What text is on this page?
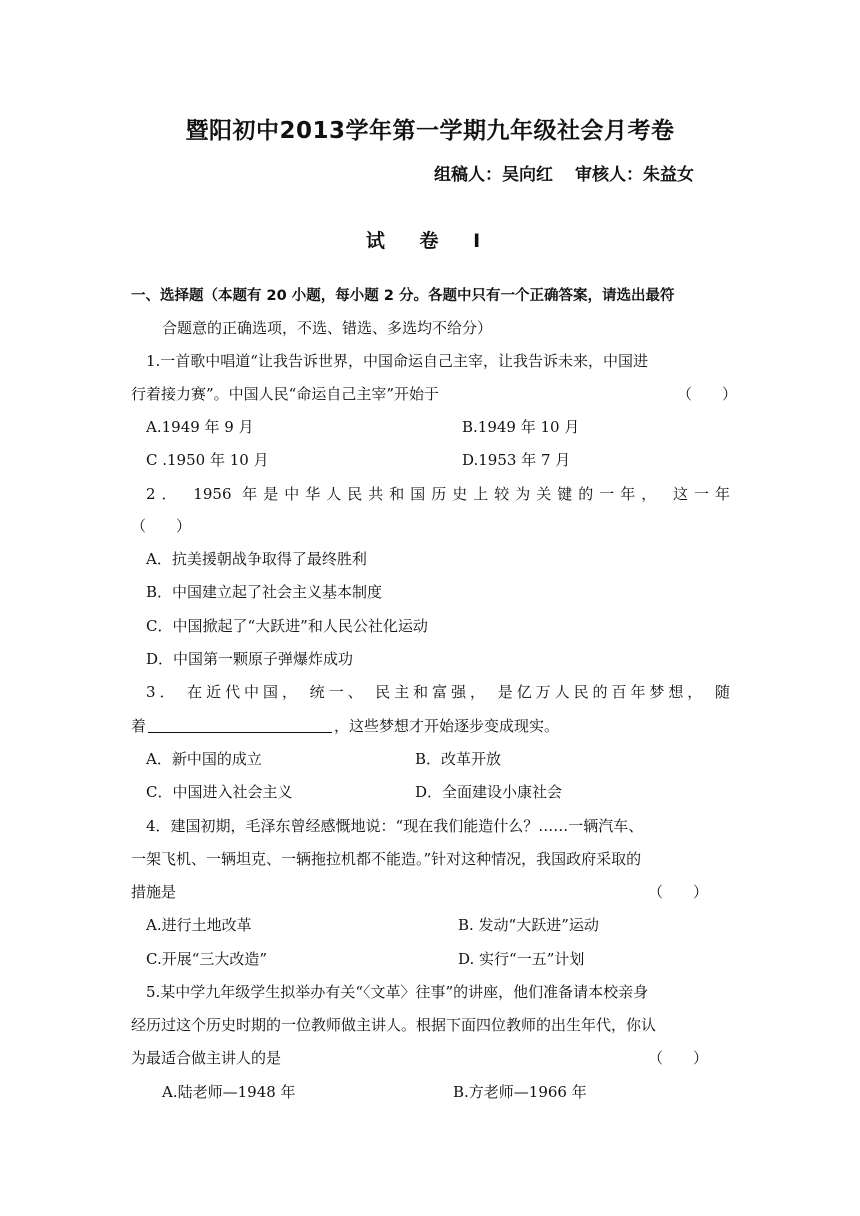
暨阳初中2013学年第一学期九年级社会月考卷
组稿人：吴向红 审核人：朱益女
试 卷 Ⅰ
一、选择题（本题有 20 小题，每小题 2 分。各题中只有一个正确答案，请选出最符
合题意的正确选项，不选、错选、多选均不给分）
1.一首歌中唱道“让我告诉世界，中国命运自己主宰，让我告诉未来，中国进
行着接力赛”。中国人民“命运自己主宰”开始于	（　　）
A.1949 年 9 月	B.1949 年 10 月
C .1950 年 10 月	D.1953 年 7 月
2． 1956 年是中华人民共和国历史上较为关键的一年， 这一年
（　　）
A．抗美援朝战争取得了最终胜利
B．中国建立起了社会主义基本制度
C．中国掀起了“大跃进”和人民公社化运动
D．中国第一颗原子弹爆炸成功
3． 在近代中国， 统一、 民主和富强， 是亿万人民的百年梦想， 随
着	，这些梦想才开始逐步变成现实。
A．新中国的成立	B．改革开放
C．中国进入社会主义	D．全面建设小康社会
4．建国初期，毛泽东曾经感慨地说：“现在我们能造什么？……一辆汽车、
一架飞机、一辆坦克、一辆拖拉机都不能造。”针对这种情况，我国政府采取的
措施是	（　　）
A.进行土地改革	B. 发动“大跃进”运动
C.开展“三大改造”	D. 实行“一五”计划
5.某中学九年级学生拟举办有关“〈文革〉往事”的讲座，他们准备请本校亲身
经历过这个历史时期的一位教师做主讲人。根据下面四位教师的出生年代，你认
为最适合做主讲人的是	（　　）
A.陆老师—1948 年	B.方老师—1966 年
